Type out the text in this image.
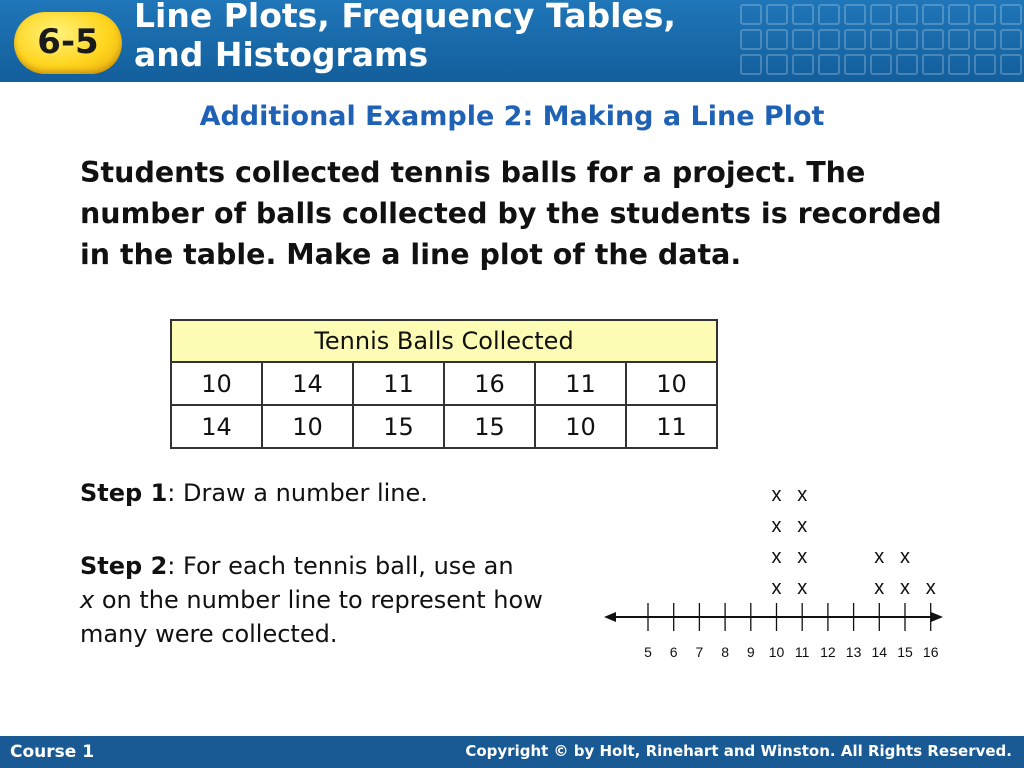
6-5
Line Plots, Frequency Tables,
and Histograms
Additional Example 2: Making a Line Plot

Students collected tennis balls for a project. The number of balls collected by the students is recorded in the table. Make a line plot of the data.

Tennis Balls Collected					
10	14	11	16	11	10
14	10	15	15	10	11

Step 1: Draw a number line.

Step 2: For each tennis ball, use an
x on the number line to represent how many were collected.

5 6 7 8 9 10 11 12 13 14 15 16
x
x
x
x
x
x
x
x
x
x
x
x
x
Course 1	Copyright © by Holt, Rinehart and Winston. All Rights Reserved.
